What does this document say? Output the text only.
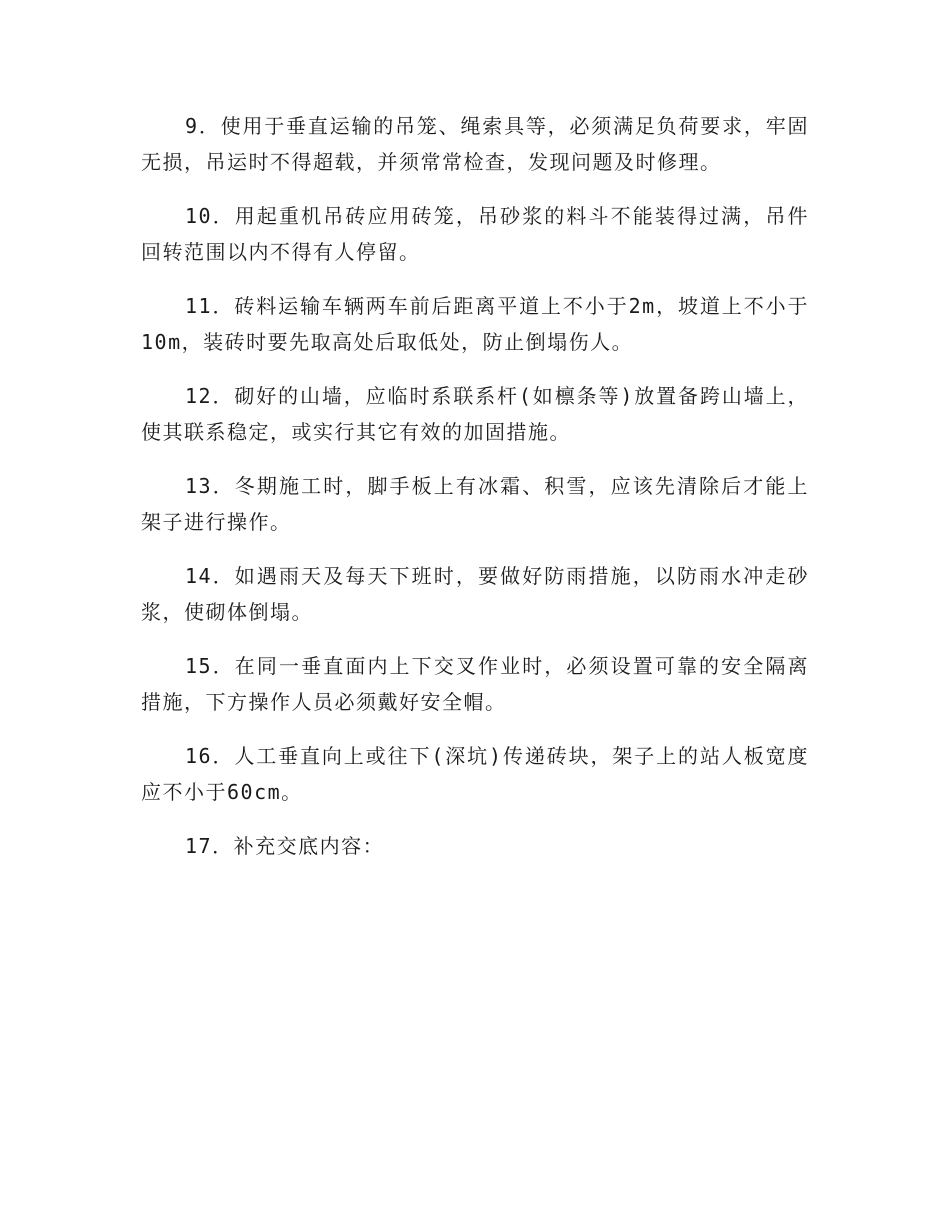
9．使用于垂直运输的吊笼、绳索具等，必须满足负荷要求，牢固无损，吊运时不得超载，并须常常检查，发现问题及时修理。

10．用起重机吊砖应用砖笼，吊砂浆的料斗不能装得过满，吊件回转范围以内不得有人停留。

11．砖料运输车辆两车前后距离平道上不小于2m，坡道上不小于10m，装砖时要先取高处后取低处，防止倒塌伤人。

12．砌好的山墙，应临时系联系杆(如檩条等)放置备跨山墙上，使其联系稳定，或实行其它有效的加固措施。

13．冬期施工时，脚手板上有冰霜、积雪，应该先清除后才能上架子进行操作。

14．如遇雨天及每天下班时，要做好防雨措施，以防雨水冲走砂浆，使砌体倒塌。

15．在同一垂直面内上下交叉作业时，必须设置可靠的安全隔离措施，下方操作人员必须戴好安全帽。

16．人工垂直向上或往下(深坑)传递砖块，架子上的站人板宽度应不小于60cm。

17．补充交底内容：
